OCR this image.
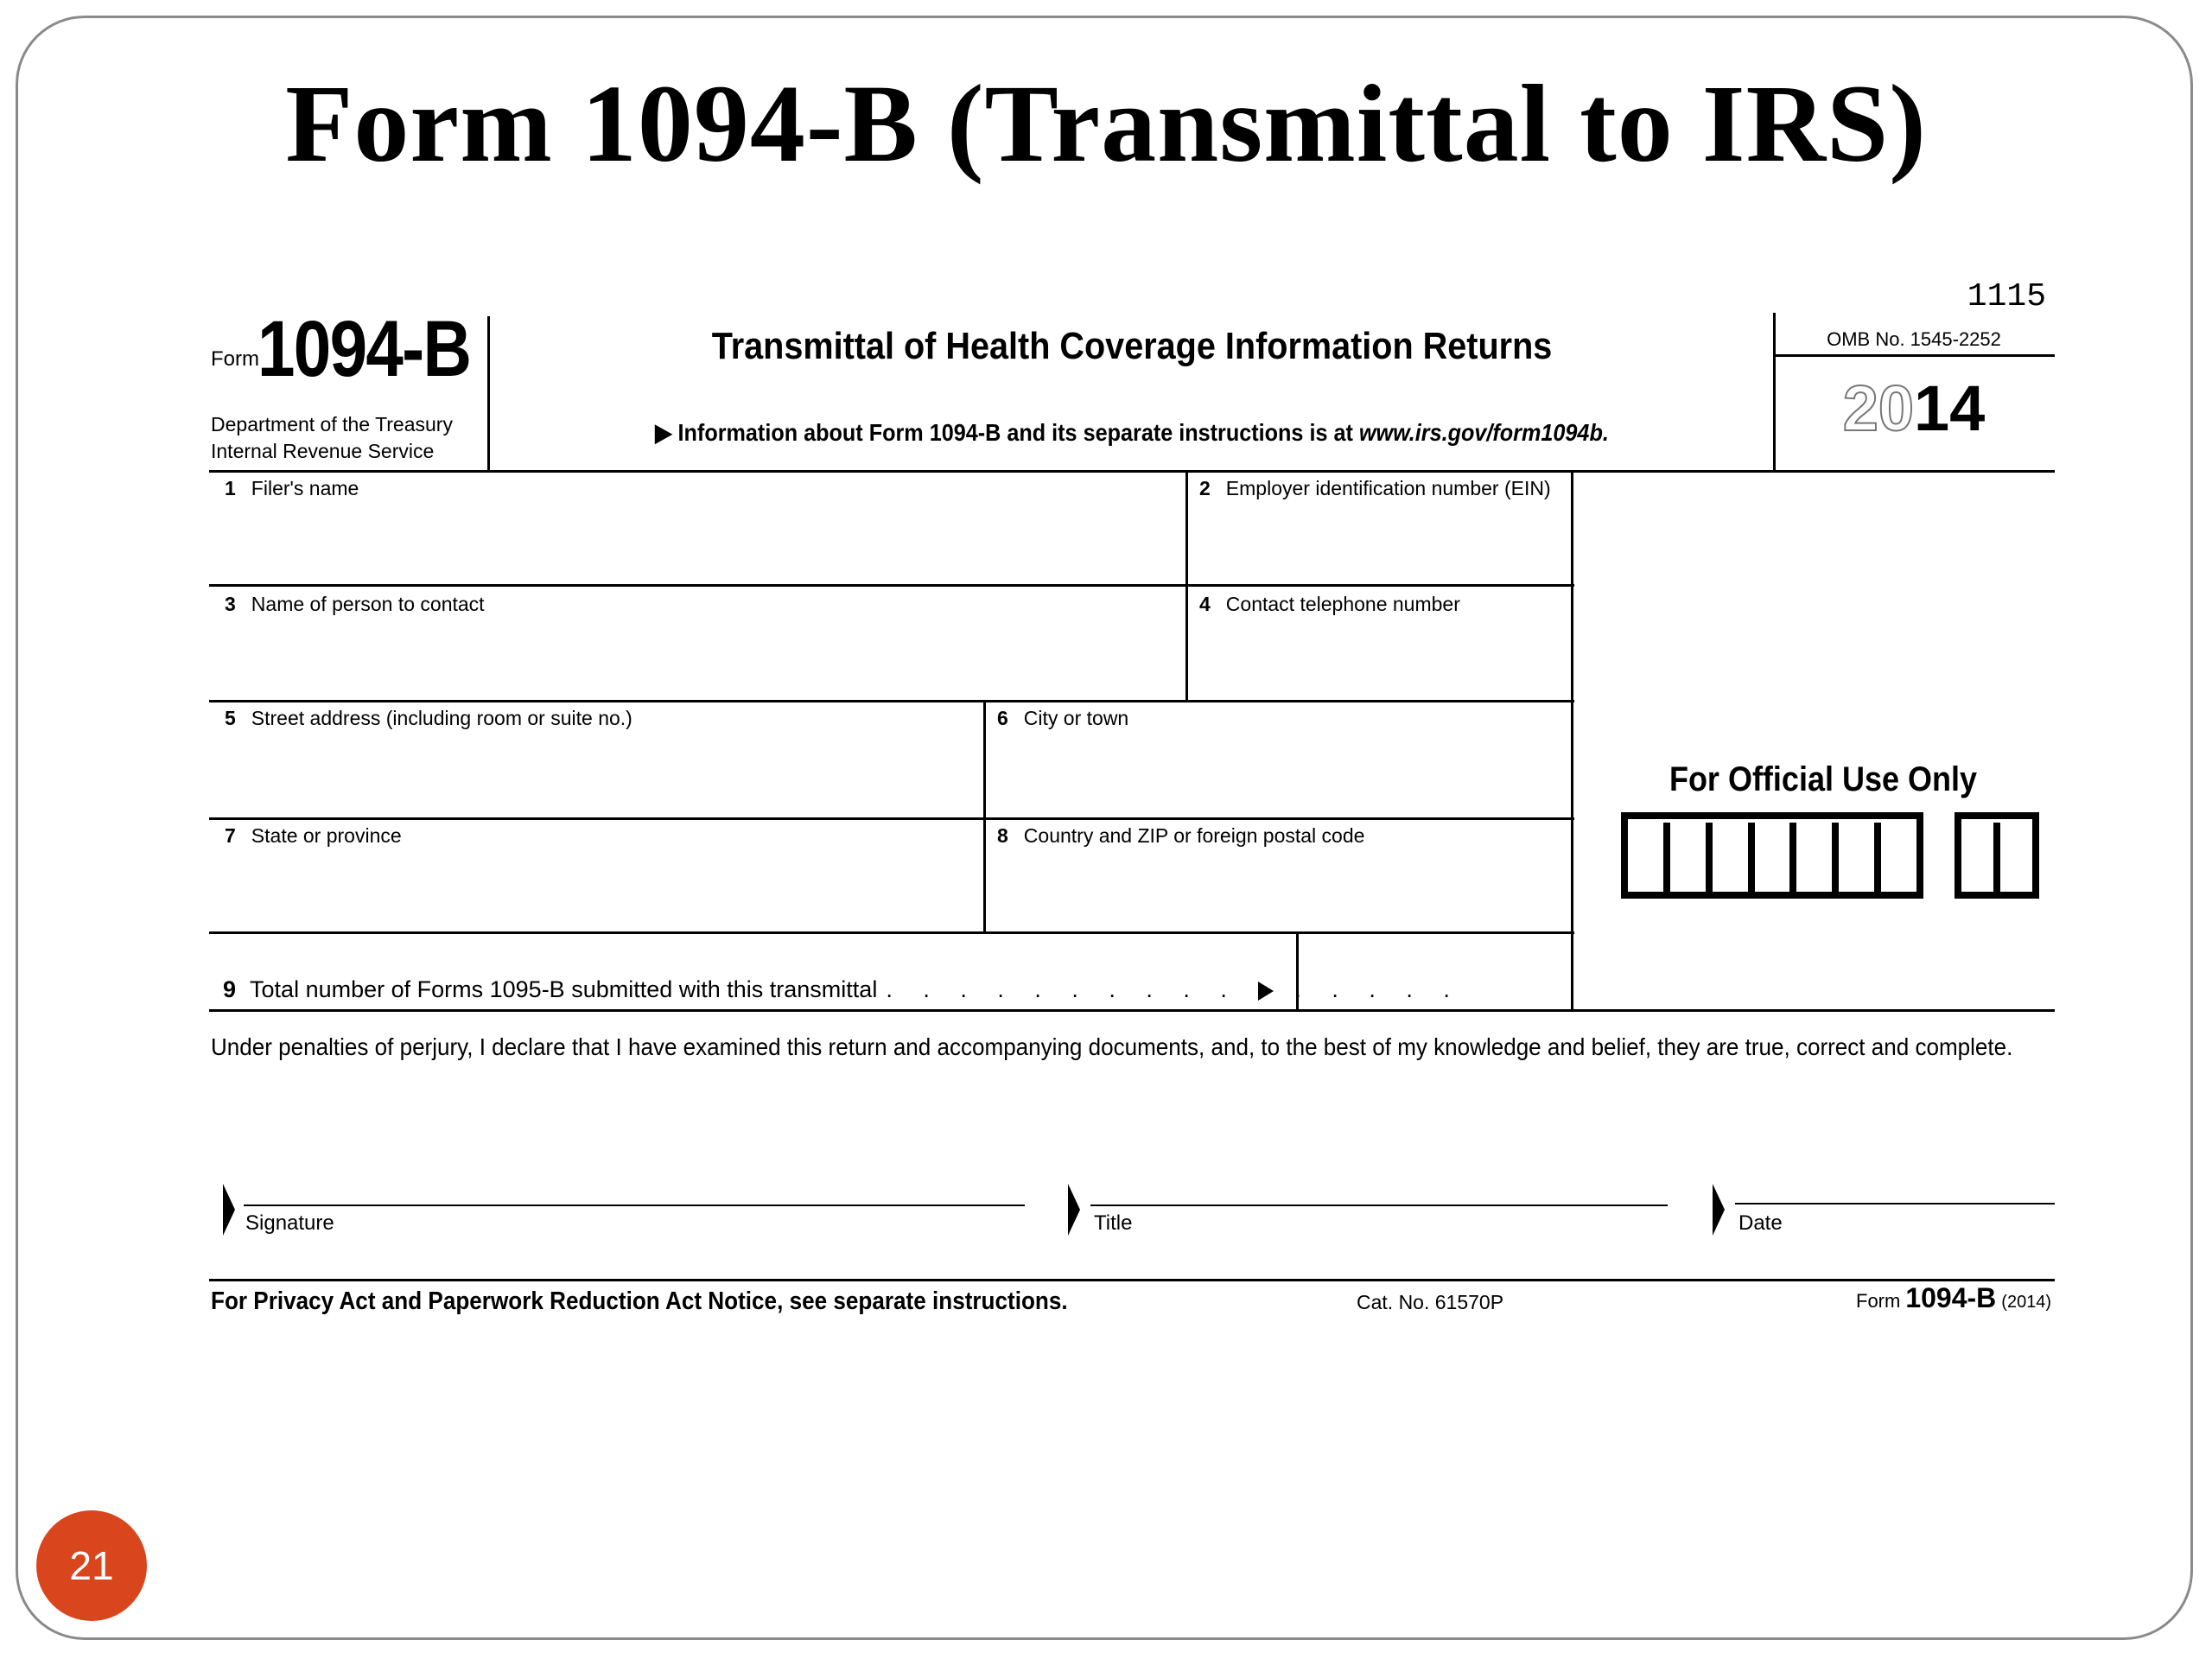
Form 1094-B (Transmittal to IRS)
Form
1094-B
Department of the Treasury
Internal Revenue Service
Transmittal of Health Coverage Information Returns
▶ Information about Form 1094-B and its separate instructions is at www.irs.gov/form1094b.
1115
OMB No. 1545-2252
2014
1 Filer's name	2 Employer identification number (EIN)
3 Name of person to contact	4 Contact telephone number
5 Street address (including room or suite no.)	6 City or town
7 State or province	8 Country and ZIP or foreign postal code
9 Total number of Forms 1095-B submitted with this transmittal . . . . . . . . . . . . . . . .
For Official Use Only
Under penalties of perjury, I declare that I have examined this return and accompanying documents, and, to the best of my knowledge and belief, they are true, correct and complete.
Signature	Title	Date
For Privacy Act and Paperwork Reduction Act Notice, see separate instructions.	Cat. No. 61570P	Form 1094-B (2014)
21
